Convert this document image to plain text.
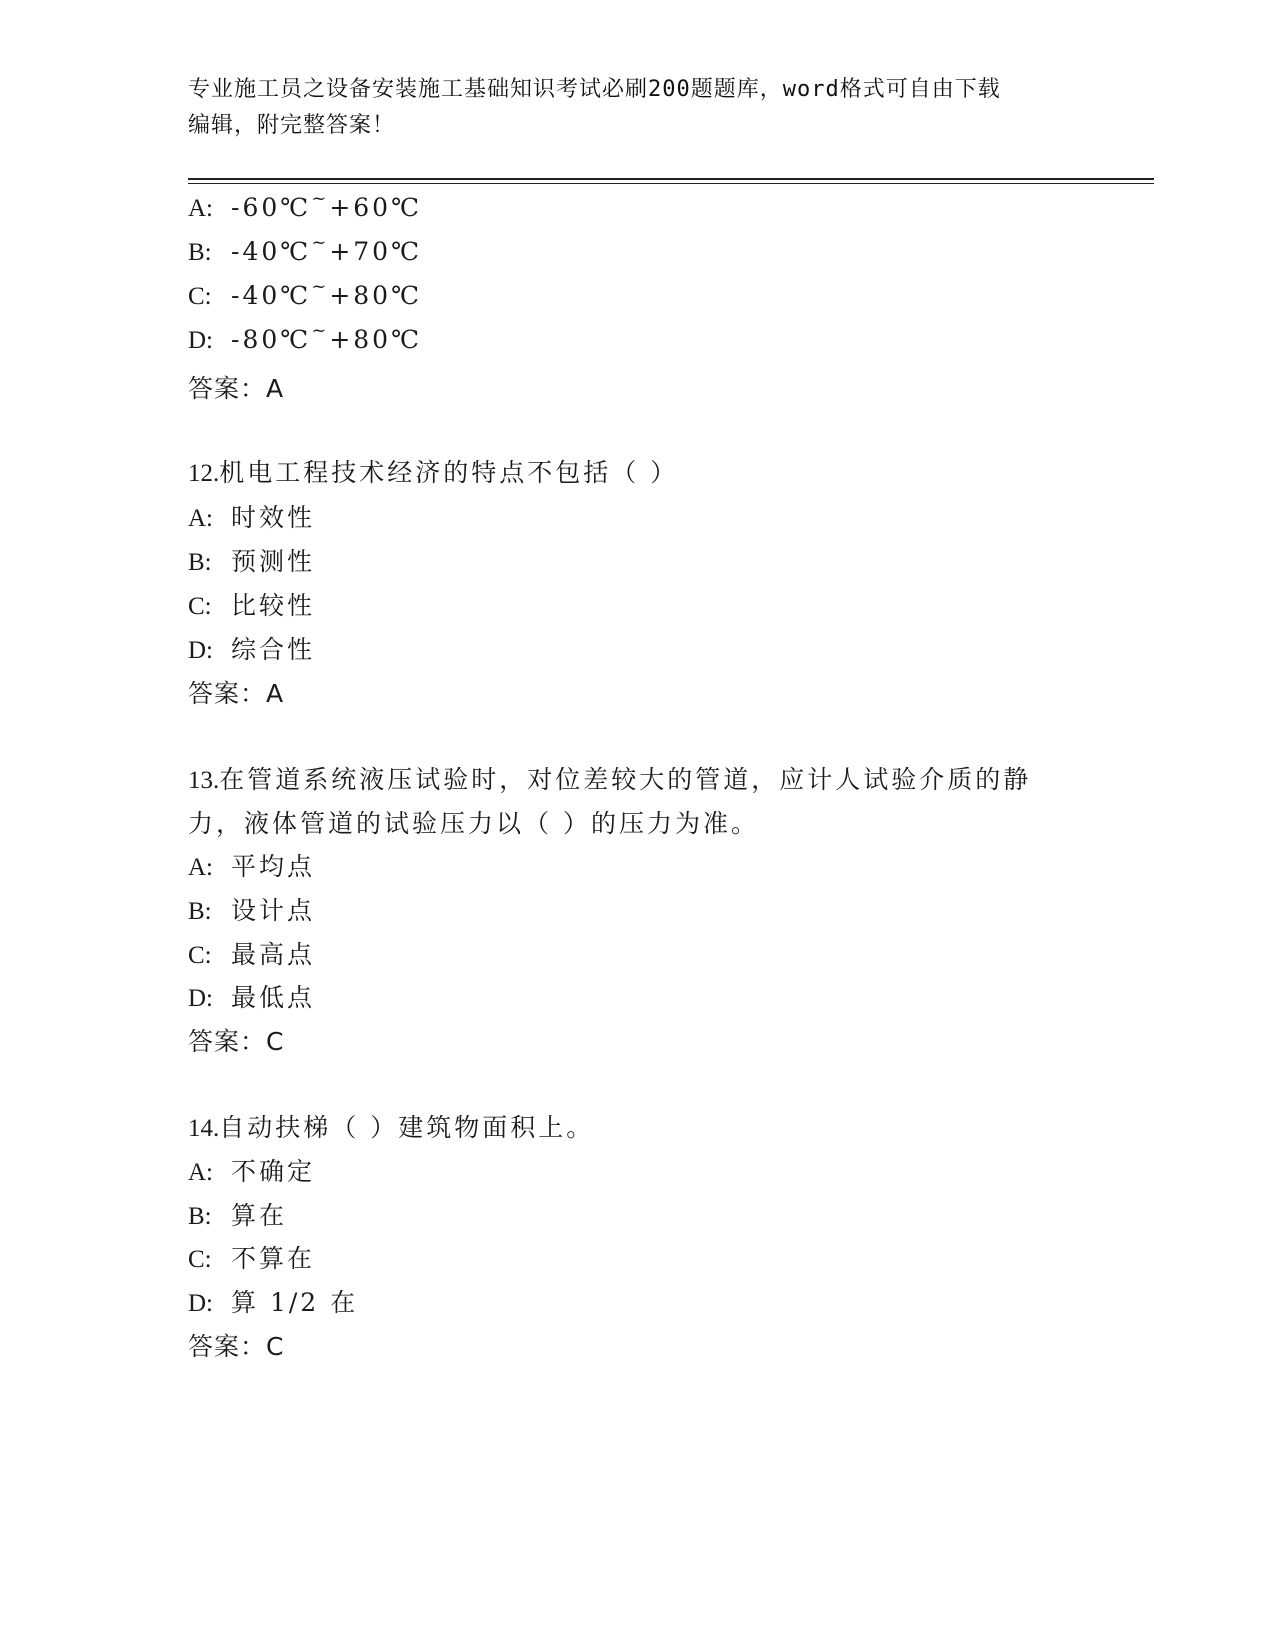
专业施工员之设备安装施工基础知识考试必刷200题题库，word格式可自由下载
编辑，附完整答案！
A: -60℃~+60℃
B: -40℃~+70℃
C: -40℃~+80℃
D: -80℃~+80℃
答案：A
12.机电工程技术经济的特点不包括（ ）
A: 时效性
B: 预测性
C: 比较性
D: 综合性
答案：A
13.在管道系统液压试验时，对位差较大的管道，应计人试验介质的静
力，液体管道的试验压力以（ ）的压力为准。
A: 平均点
B: 设计点
C: 最高点
D: 最低点
答案：C
14.自动扶梯（ ）建筑物面积上。
A: 不确定
B: 算在
C: 不算在
D: 算 1/2 在
答案：C
